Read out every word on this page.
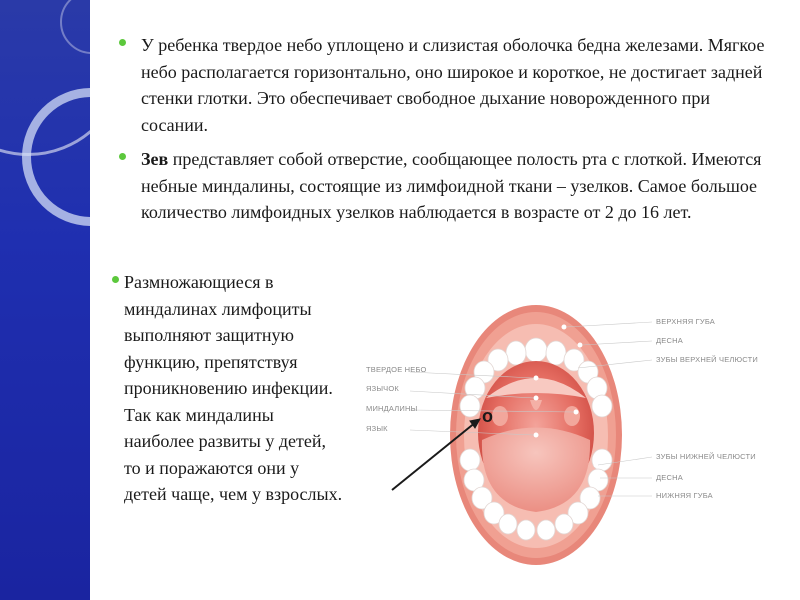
У ребенка твердое небо уплощено и слизистая оболочка бедна железами. Мягкое небо располагается горизонтально, оно широкое и короткое, не достигает задней стенки глотки. Это обеспечивает свободное дыхание новорожденного при сосании.
Зев представляет собой отверстие, сообщающее полость рта с глоткой. Имеются небные миндалины, состоящие из лимфоидной ткани – узелков. Самое большое количество лимфоидных узелков наблюдается в возрасте от 2 до 16 лет.
Размножающиеся в миндалинах лимфоциты выполняют защитную функцию, препятствуя проникновению инфекции. Так как миндалины наиболее развиты у детей, то и поражаются они у детей чаще, чем у взрослых.
ВЕРХНЯЯ ГУБА
ДЕСНА
ЗУБЫ ВЕРХНЕЙ ЧЕЛЮСТИ
ЗУБЫ НИЖНЕЙ ЧЕЛЮСТИ
ДЕСНА
НИЖНЯЯ ГУБА
ТВЕРДОЕ НЕБО
ЯЗЫЧОК
МИНДАЛИНЫ
ЯЗЫК
o
